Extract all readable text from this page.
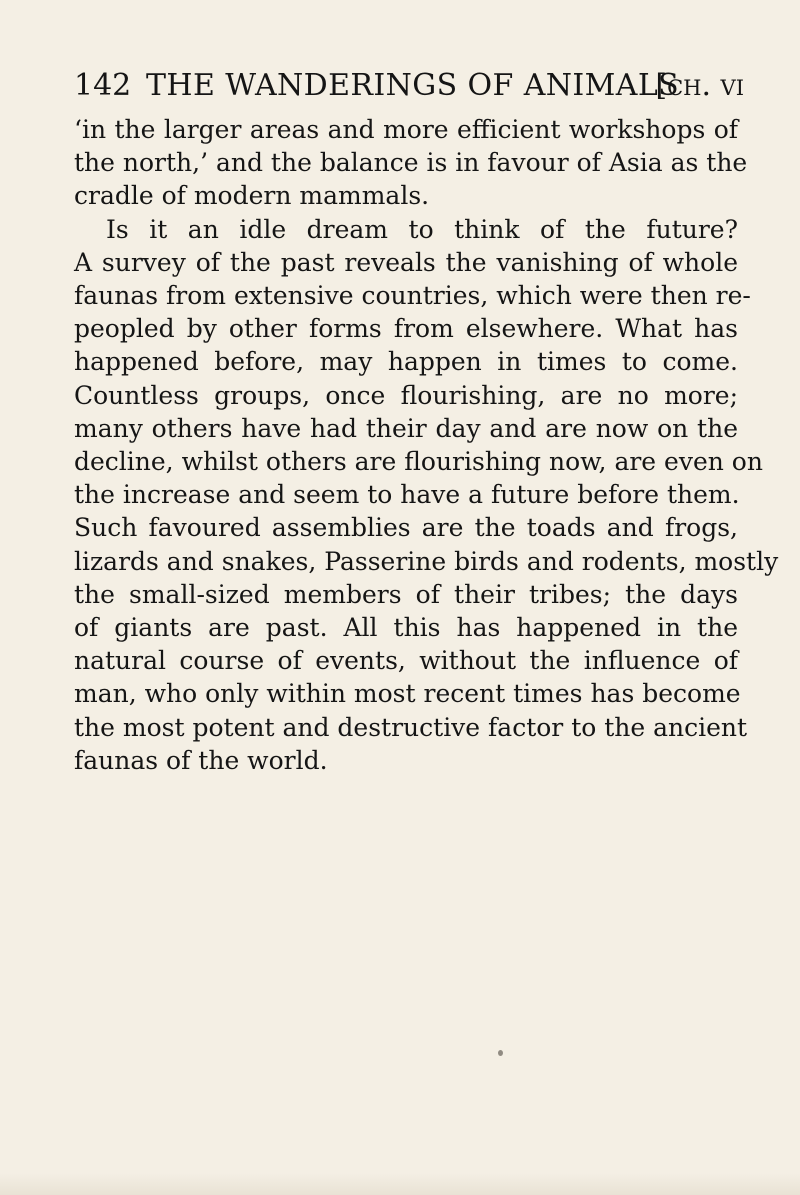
142 THE WANDERINGS OF ANIMALS
[ch. vi
‘in the larger areas and more efficient workshops of
the north,’ and the balance is in favour of Asia as the
cradle of modern mammals.
Is it an idle dream to think of the future?
A survey of the past reveals the vanishing of whole
faunas from extensive countries, which were then re-
peopled by other forms from elsewhere. What has
happened before, may happen in times to come.
Countless groups, once flourishing, are no more;
many others have had their day and are now on the
decline, whilst others are flourishing now, are even on
the increase and seem to have a future before them.
Such favoured assemblies are the toads and frogs,
lizards and snakes, Passerine birds and rodents, mostly
the small-sized members of their tribes; the days
of giants are past. All this has happened in the
natural course of events, without the influence of
man, who only within most recent times has become
the most potent and destructive factor to the ancient
faunas of the world.
